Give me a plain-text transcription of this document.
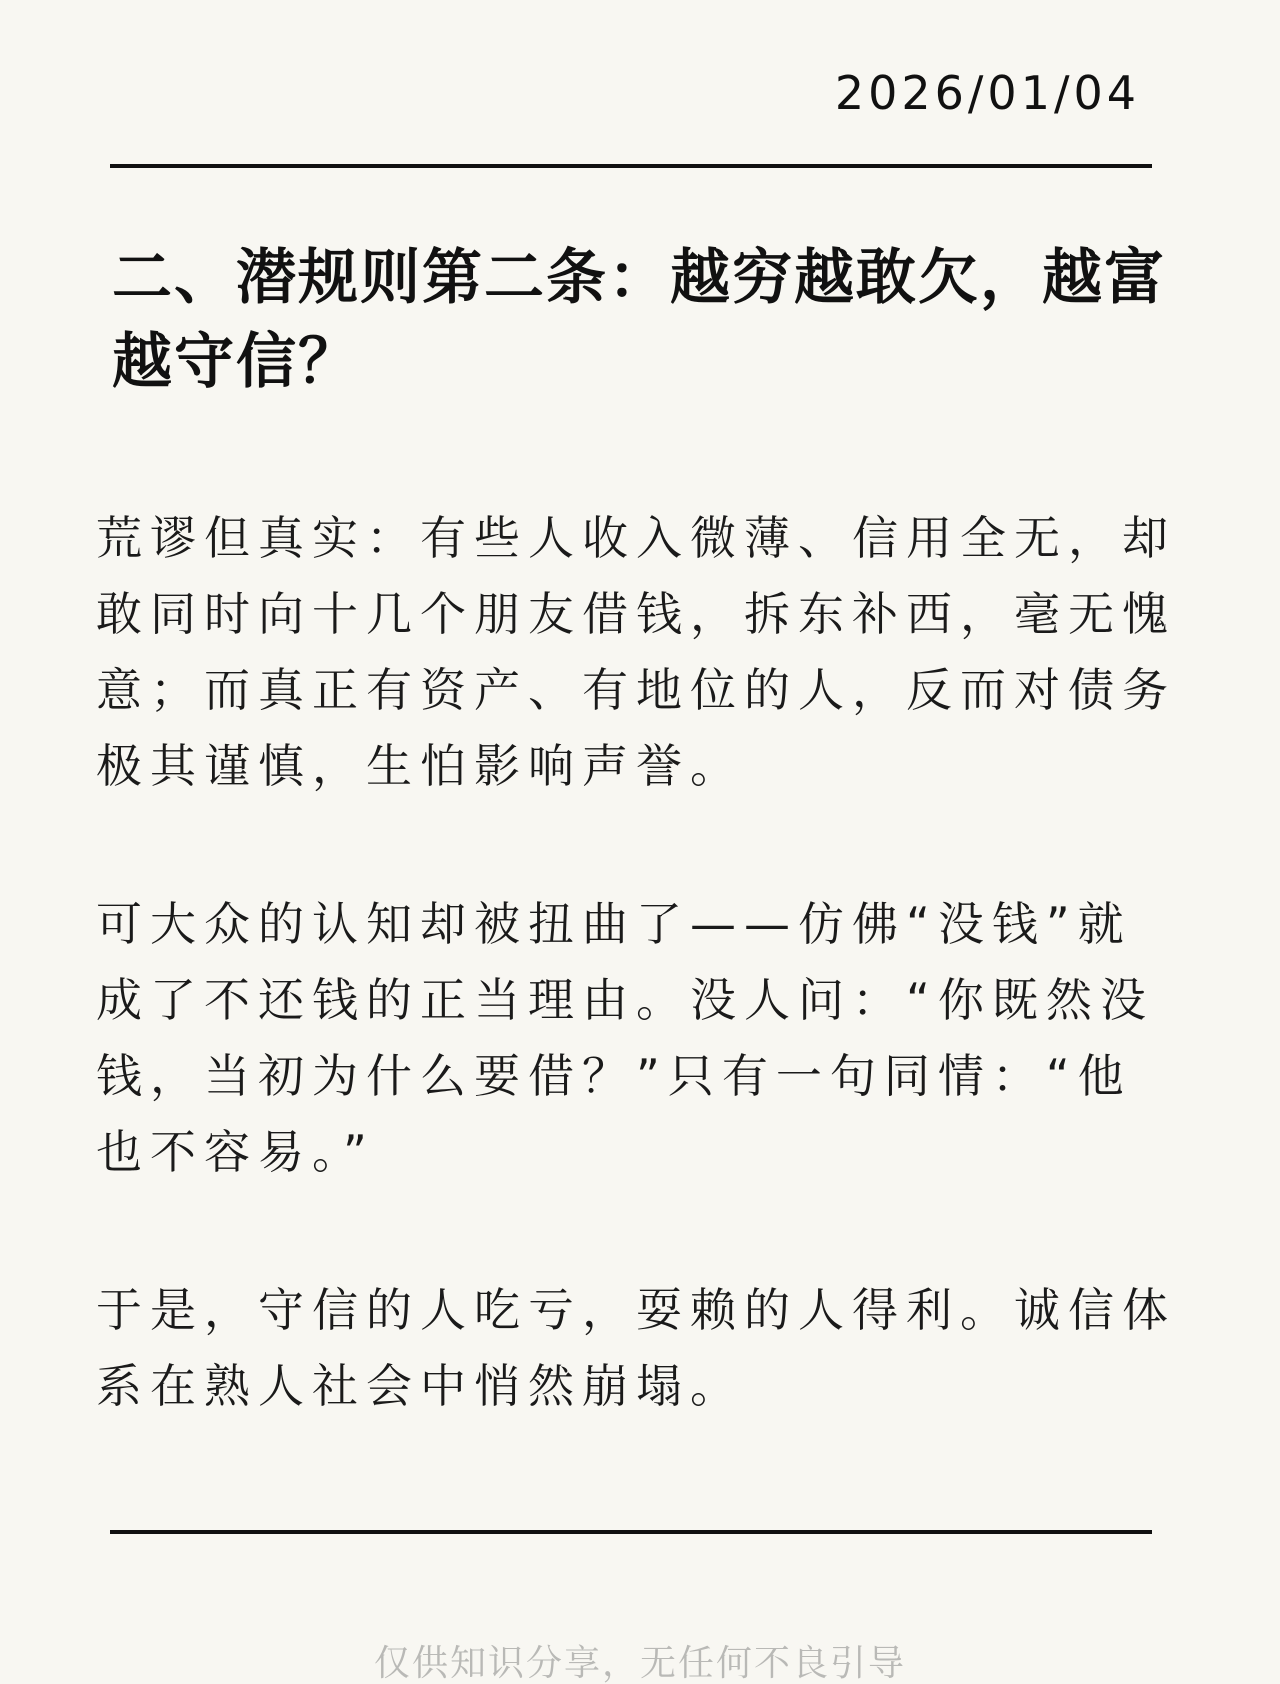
2026/01/04
二、潜规则第二条：越穷越敢欠，越富越守信？

荒谬但真实：有些人收入微薄、信用全无，却敢同时向十几个朋友借钱，拆东补西，毫无愧意；而真正有资产、有地位的人，反而对债务极其谨慎，生怕影响声誉。

可大众的认知却被扭曲了——仿佛“没钱”就成了不还钱的正当理由。没人问：“你既然没钱，当初为什么要借？”只有一句同情：“他也不容易。”

于是，守信的人吃亏，耍赖的人得利。诚信体系在熟人社会中悄然崩塌。

仅供知识分享，无任何不良引导
